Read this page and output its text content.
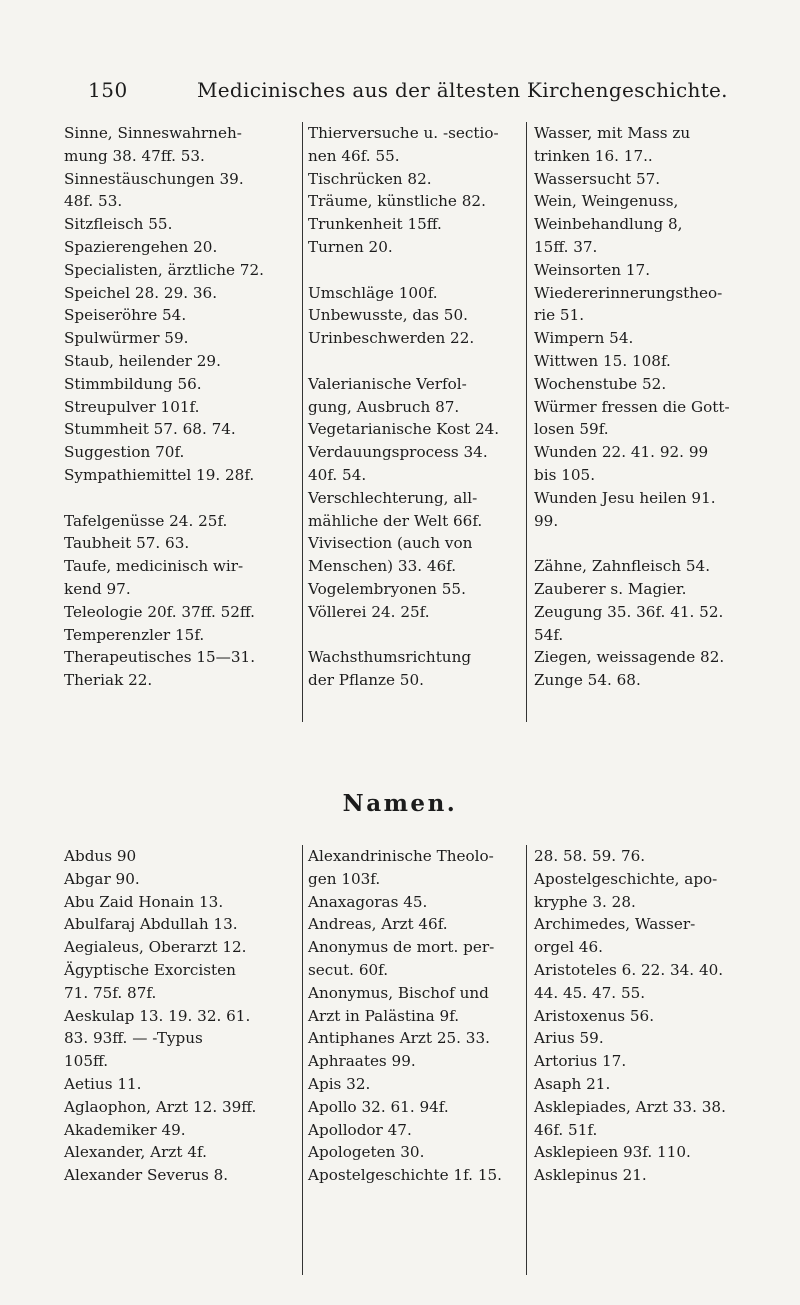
150	Medicinisches aus der ältesten Kirchengeschichte.
Sinne, Sinneswahrneh-
mung 38. 47ff. 53.
Sinnestäuschungen 39.
48f. 53.
Sitzfleisch 55.
Spazierengehen 20.
Specialisten, ärztliche 72.
Speichel 28. 29. 36.
Speiseröhre 54.
Spulwürmer 59.
Staub, heilender 29.
Stimmbildung 56.
Streupulver 101f.
Stummheit 57. 68. 74.
Suggestion 70f.
Sympathiemittel 19. 28f.
Tafelgenüsse 24. 25f.
Taubheit 57. 63.
Taufe, medicinisch wir-
kend 97.
Teleologie 20f. 37ff. 52ff.
Temperenzler 15f.
Therapeutisches 15—31.
Theriak 22.
Thierversuche u. -sectio-
nen 46f. 55.
Tischrücken 82.
Träume, künstliche 82.
Trunkenheit 15ff.
Turnen 20.
Umschläge 100f.
Unbewusste, das 50.
Urinbeschwerden 22.
Valerianische Verfol-
gung, Ausbruch 87.
Vegetarianische Kost 24.
Verdauungsprocess 34.
40f. 54.
Verschlechterung, all-
mähliche der Welt 66f.
Vivisection (auch von
Menschen) 33. 46f.
Vogelembryonen 55.
Völlerei 24. 25f.
Wachsthumsrichtung
der Pflanze 50.
Wasser, mit Mass zu
trinken 16. 17..
Wassersucht 57.
Wein, Weingenuss,
Weinbehandlung 8,
15ff. 37.
Weinsorten 17.
Wiedererinnerungstheo-
rie 51.
Wimpern 54.
Wittwen 15. 108f.
Wochenstube 52.
Würmer fressen die Gott-
losen 59f.
Wunden 22. 41. 92. 99
bis 105.
Wunden Jesu heilen 91.
99.
Zähne, Zahnfleisch 54.
Zauberer s. Magier.
Zeugung 35. 36f. 41. 52.
54f.
Ziegen, weissagende 82.
Zunge 54. 68.
Namen.
Abdus 90
Abgar 90.
Abu Zaid Honain 13.
Abulfaraj Abdullah 13.
Aegialeus, Oberarzt 12.
Ägyptische Exorcisten
71. 75f. 87f.
Aeskulap 13. 19. 32. 61.
83. 93ff. — -Typus
105ff.
Aetius 11.
Aglaophon, Arzt 12. 39ff.
Akademiker 49.
Alexander, Arzt 4f.
Alexander Severus 8.
Alexandrinische Theolo-
gen 103f.
Anaxagoras 45.
Andreas, Arzt 46f.
Anonymus de mort. per-
secut. 60f.
Anonymus, Bischof und
Arzt in Palästina 9f.
Antiphanes Arzt 25. 33.
Aphraates 99.
Apis 32.
Apollo 32. 61. 94f.
Apollodor 47.
Apologeten 30.
Apostelgeschichte 1f. 15.
28. 58. 59. 76.
Apostelgeschichte, apo-
kryphe 3. 28.
Archimedes, Wasser-
orgel 46.
Aristoteles 6. 22. 34. 40.
44. 45. 47. 55.
Aristoxenus 56.
Arius 59.
Artorius 17.
Asaph 21.
Asklepiades, Arzt 33. 38.
46f. 51f.
Asklepieen 93f. 110.
Asklepinus 21.
